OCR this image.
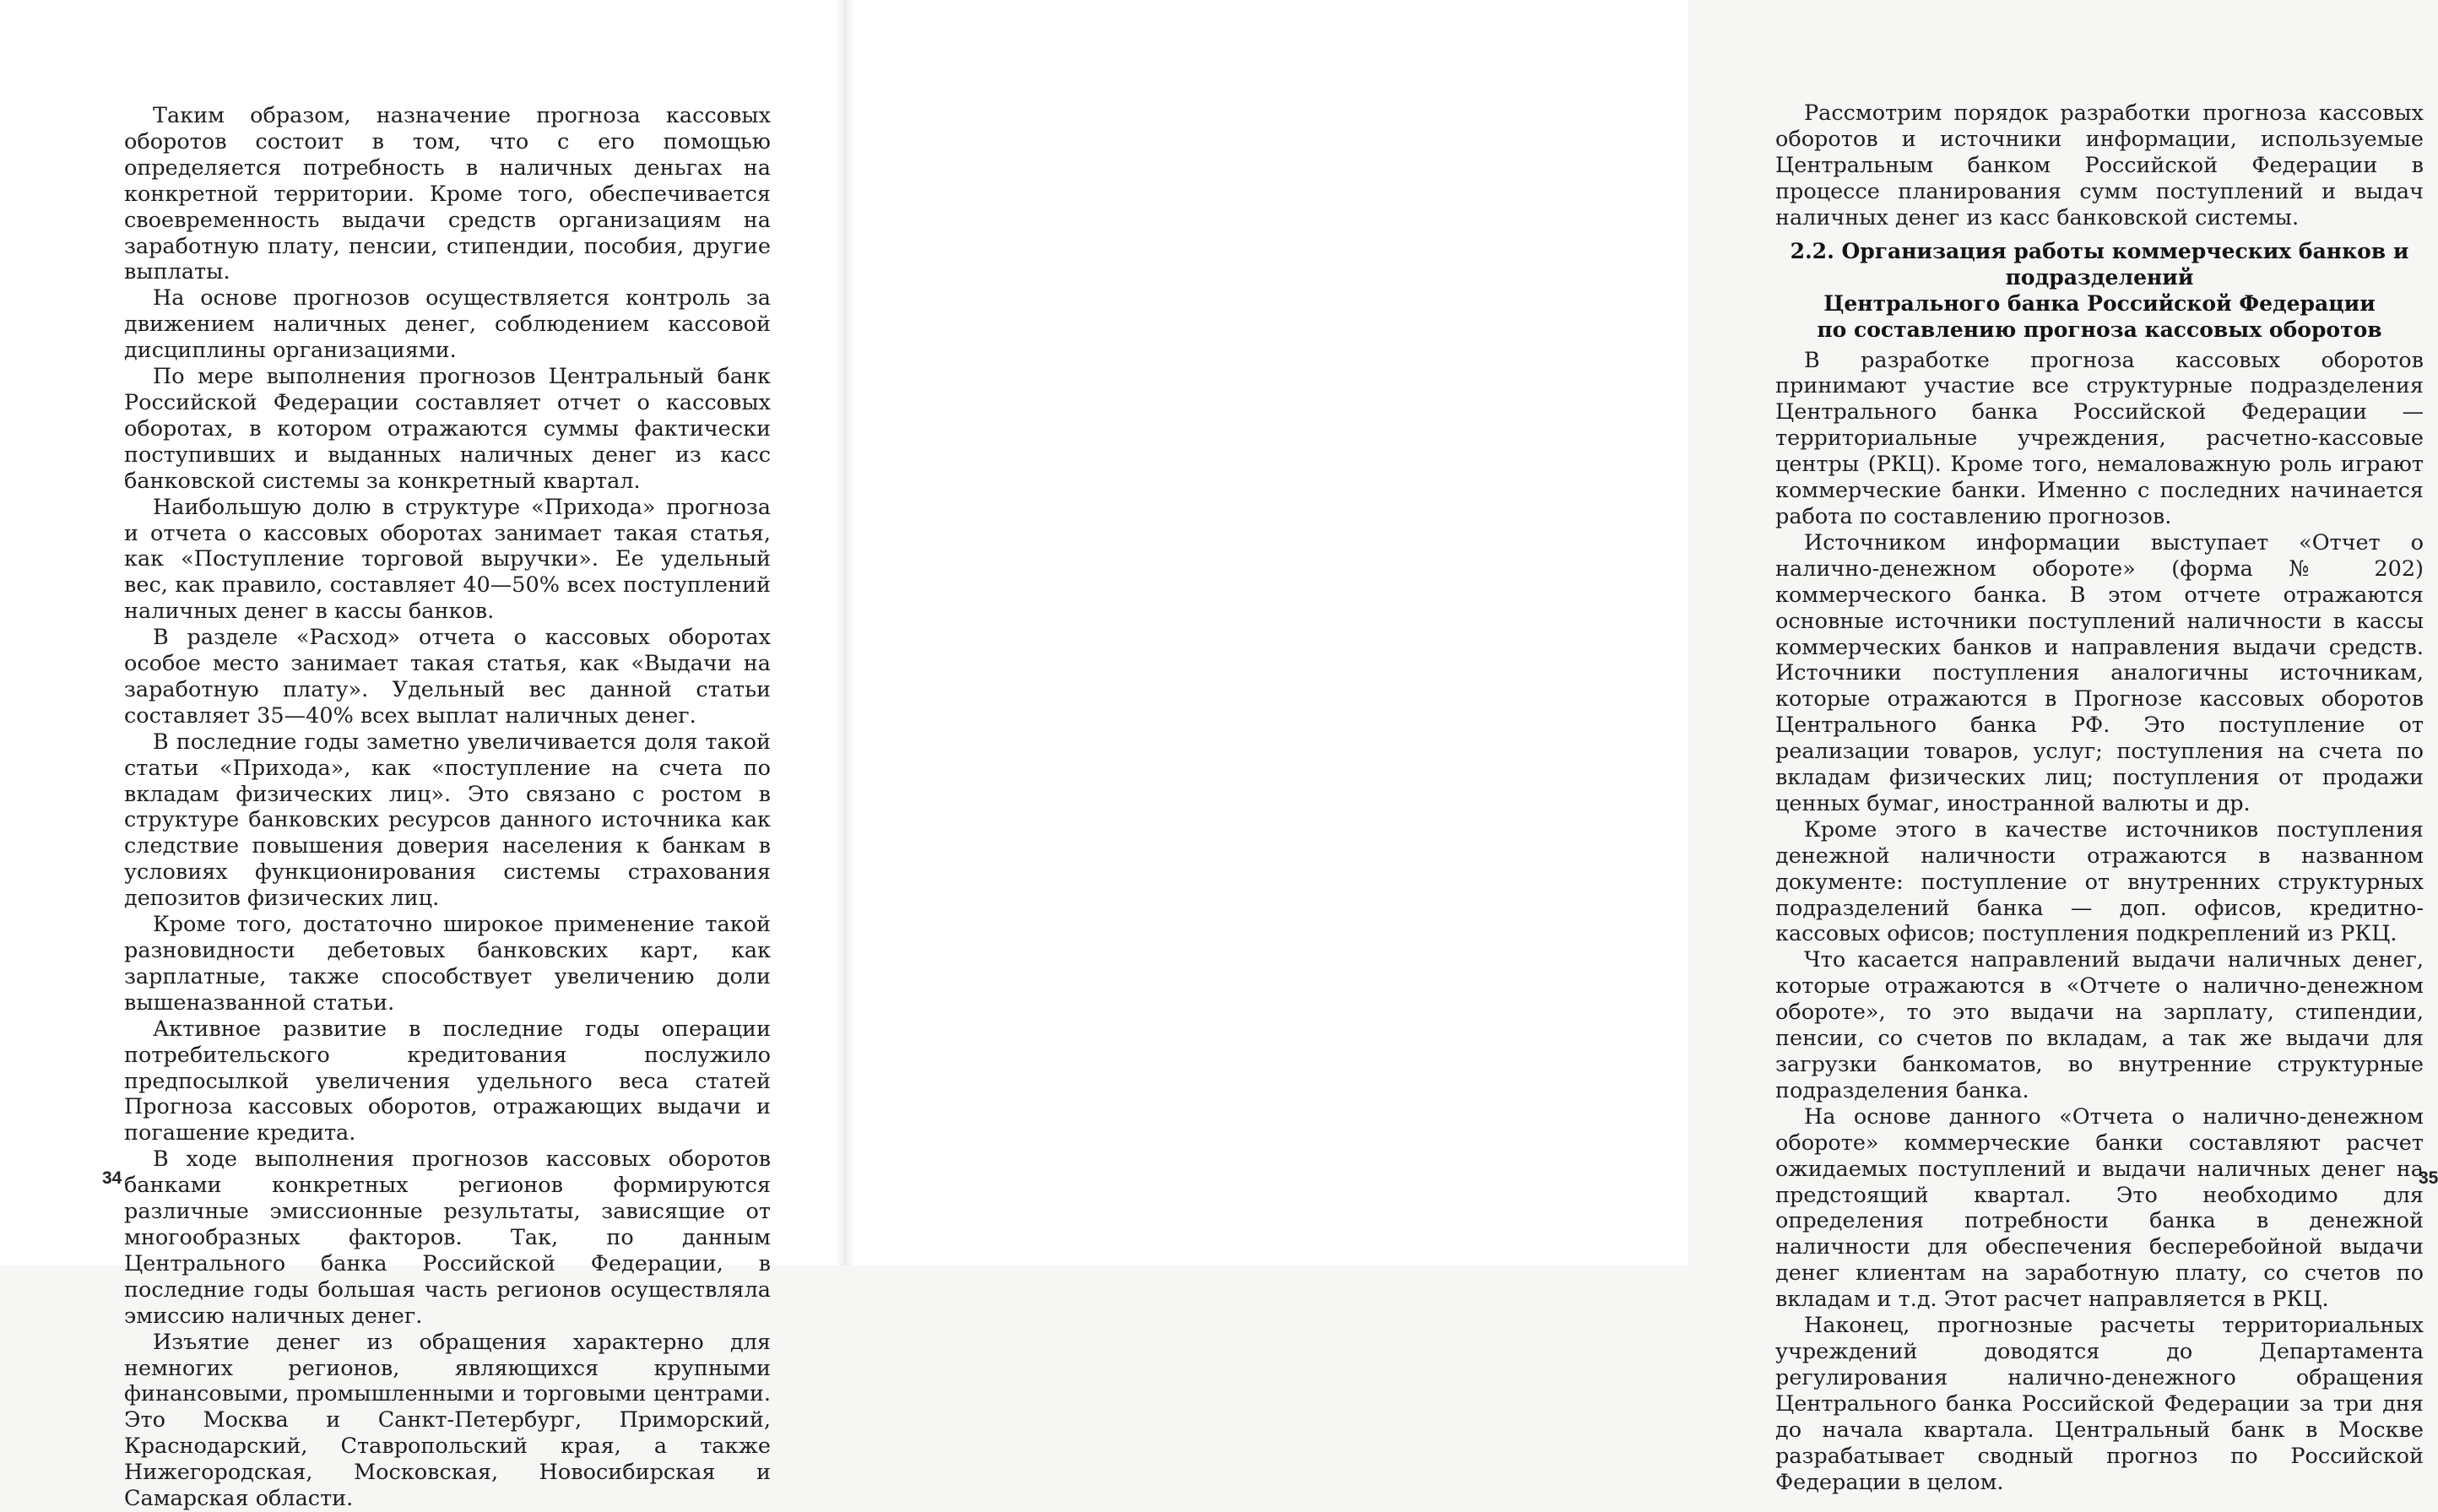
Таким образом, назначение прогноза кассовых оборотов состоит в том, что с его помощью определяется потребность в наличных деньгах на конкретной территории. Кроме того, обеспечивается своевременность выдачи средств организациям на заработную плату, пенсии, стипендии, пособия, другие выплаты.

На основе прогнозов осуществляется контроль за движением наличных денег, соблюдением кассовой дисциплины организациями.

По мере выполнения прогнозов Центральный банк Российской Федерации составляет отчет о кассовых оборотах, в котором отражаются суммы фактически поступивших и выданных наличных денег из касс банковской системы за конкретный квартал.

Наибольшую долю в структуре «Прихода» прогноза и отчета о кассовых оборотах занимает такая статья, как «Поступление торговой выручки». Ее удельный вес, как правило, составляет 40—50% всех поступлений наличных денег в кассы банков.

В разделе «Расход» отчета о кассовых оборотах особое место занимает такая статья, как «Выдачи на заработную плату». Удельный вес данной статьи составляет 35—40% всех выплат наличных денег.

В последние годы заметно увеличивается доля такой статьи «Прихода», как «поступление на счета по вкладам физических лиц». Это связано с ростом в структуре банковских ресурсов данного источника как следствие повышения доверия населения к банкам в условиях функционирования системы страхования депозитов физических лиц.

Кроме того, достаточно широкое применение такой разновидности дебетовых банковских карт, как зарплатные, также способствует увеличению доли вышеназванной статьи.

Активное развитие в последние годы операции потребительского кредитования послужило предпосылкой увеличения удельного веса статей Прогноза кассовых оборотов, отражающих выдачи и погашение кредита.

В ходе выполнения прогнозов кассовых оборотов банками конкретных регионов формируются различные эмиссионные результаты, зависящие от многообразных факторов. Так, по данным Центрального банка Российской Федерации, в последние годы большая часть регионов осуществляла эмиссию наличных денег.

Изъятие денег из обращения характерно для немногих регионов, являющихся крупными финансовыми, промышленными и торговыми центрами. Это Москва и Санкт-Петербург, Приморский, Краснодарский, Ставропольский края, а также Нижегородская, Московская, Новосибирская и Самарская области.

34

Рассмотрим порядок разработки прогноза кассовых оборотов и источники информации, используемые Центральным банком Российской Федерации в процессе планирования сумм поступлений и выдач наличных денег из касс банковской системы.

2.2. Организация работы коммерческих банков и подразделений
Центрального банка Российской Федерации
по составлению прогноза кассовых оборотов

В разработке прогноза кассовых оборотов принимают участие все структурные подразделения Центрального банка Российской Федерации — территориальные учреждения, расчетно-кассовые центры (РКЦ). Кроме того, немаловажную роль играют коммерческие банки. Именно с последних начинается работа по составлению прогнозов.

Источником информации выступает «Отчет о налично-денежном обороте» (форма № 202) коммерческого банка. В этом отчете отражаются основные источники поступлений наличности в кассы коммерческих банков и направления выдачи средств. Источники поступления аналогичны источникам, которые отражаются в Прогнозе кассовых оборотов Центрального банка РФ. Это поступление от реализации товаров, услуг; поступления на счета по вкладам физических лиц; поступления от продажи ценных бумаг, иностранной валюты и др.

Кроме этого в качестве источников поступления денежной наличности отражаются в названном документе: поступление от внутренних структурных подразделений банка — доп. офисов, кредитно-кассовых офисов; поступления подкреплений из РКЦ.

Что касается направлений выдачи наличных денег, которые отражаются в «Отчете о налично-денежном обороте», то это выдачи на зарплату, стипендии, пенсии, со счетов по вкладам, а так же выдачи для загрузки банкоматов, во внутренние структурные подразделения банка.

На основе данного «Отчета о налично-денежном обороте» коммерческие банки составляют расчет ожидаемых поступлений и выдачи наличных денег на предстоящий квартал. Это необходимо для определения потребности банка в денежной наличности для обеспечения бесперебойной выдачи денег клиентам на заработную плату, со счетов по вкладам и т.д. Этот расчет направляется в РКЦ.

Наконец, прогнозные расчеты территориальных учреждений доводятся до Департамента регулирования налично-денежного обращения Центрального банка Российской Федерации за три дня до начала квартала. Центральный банк в Москве разрабатывает сводный прогноз по Российской Федерации в целом.

35
